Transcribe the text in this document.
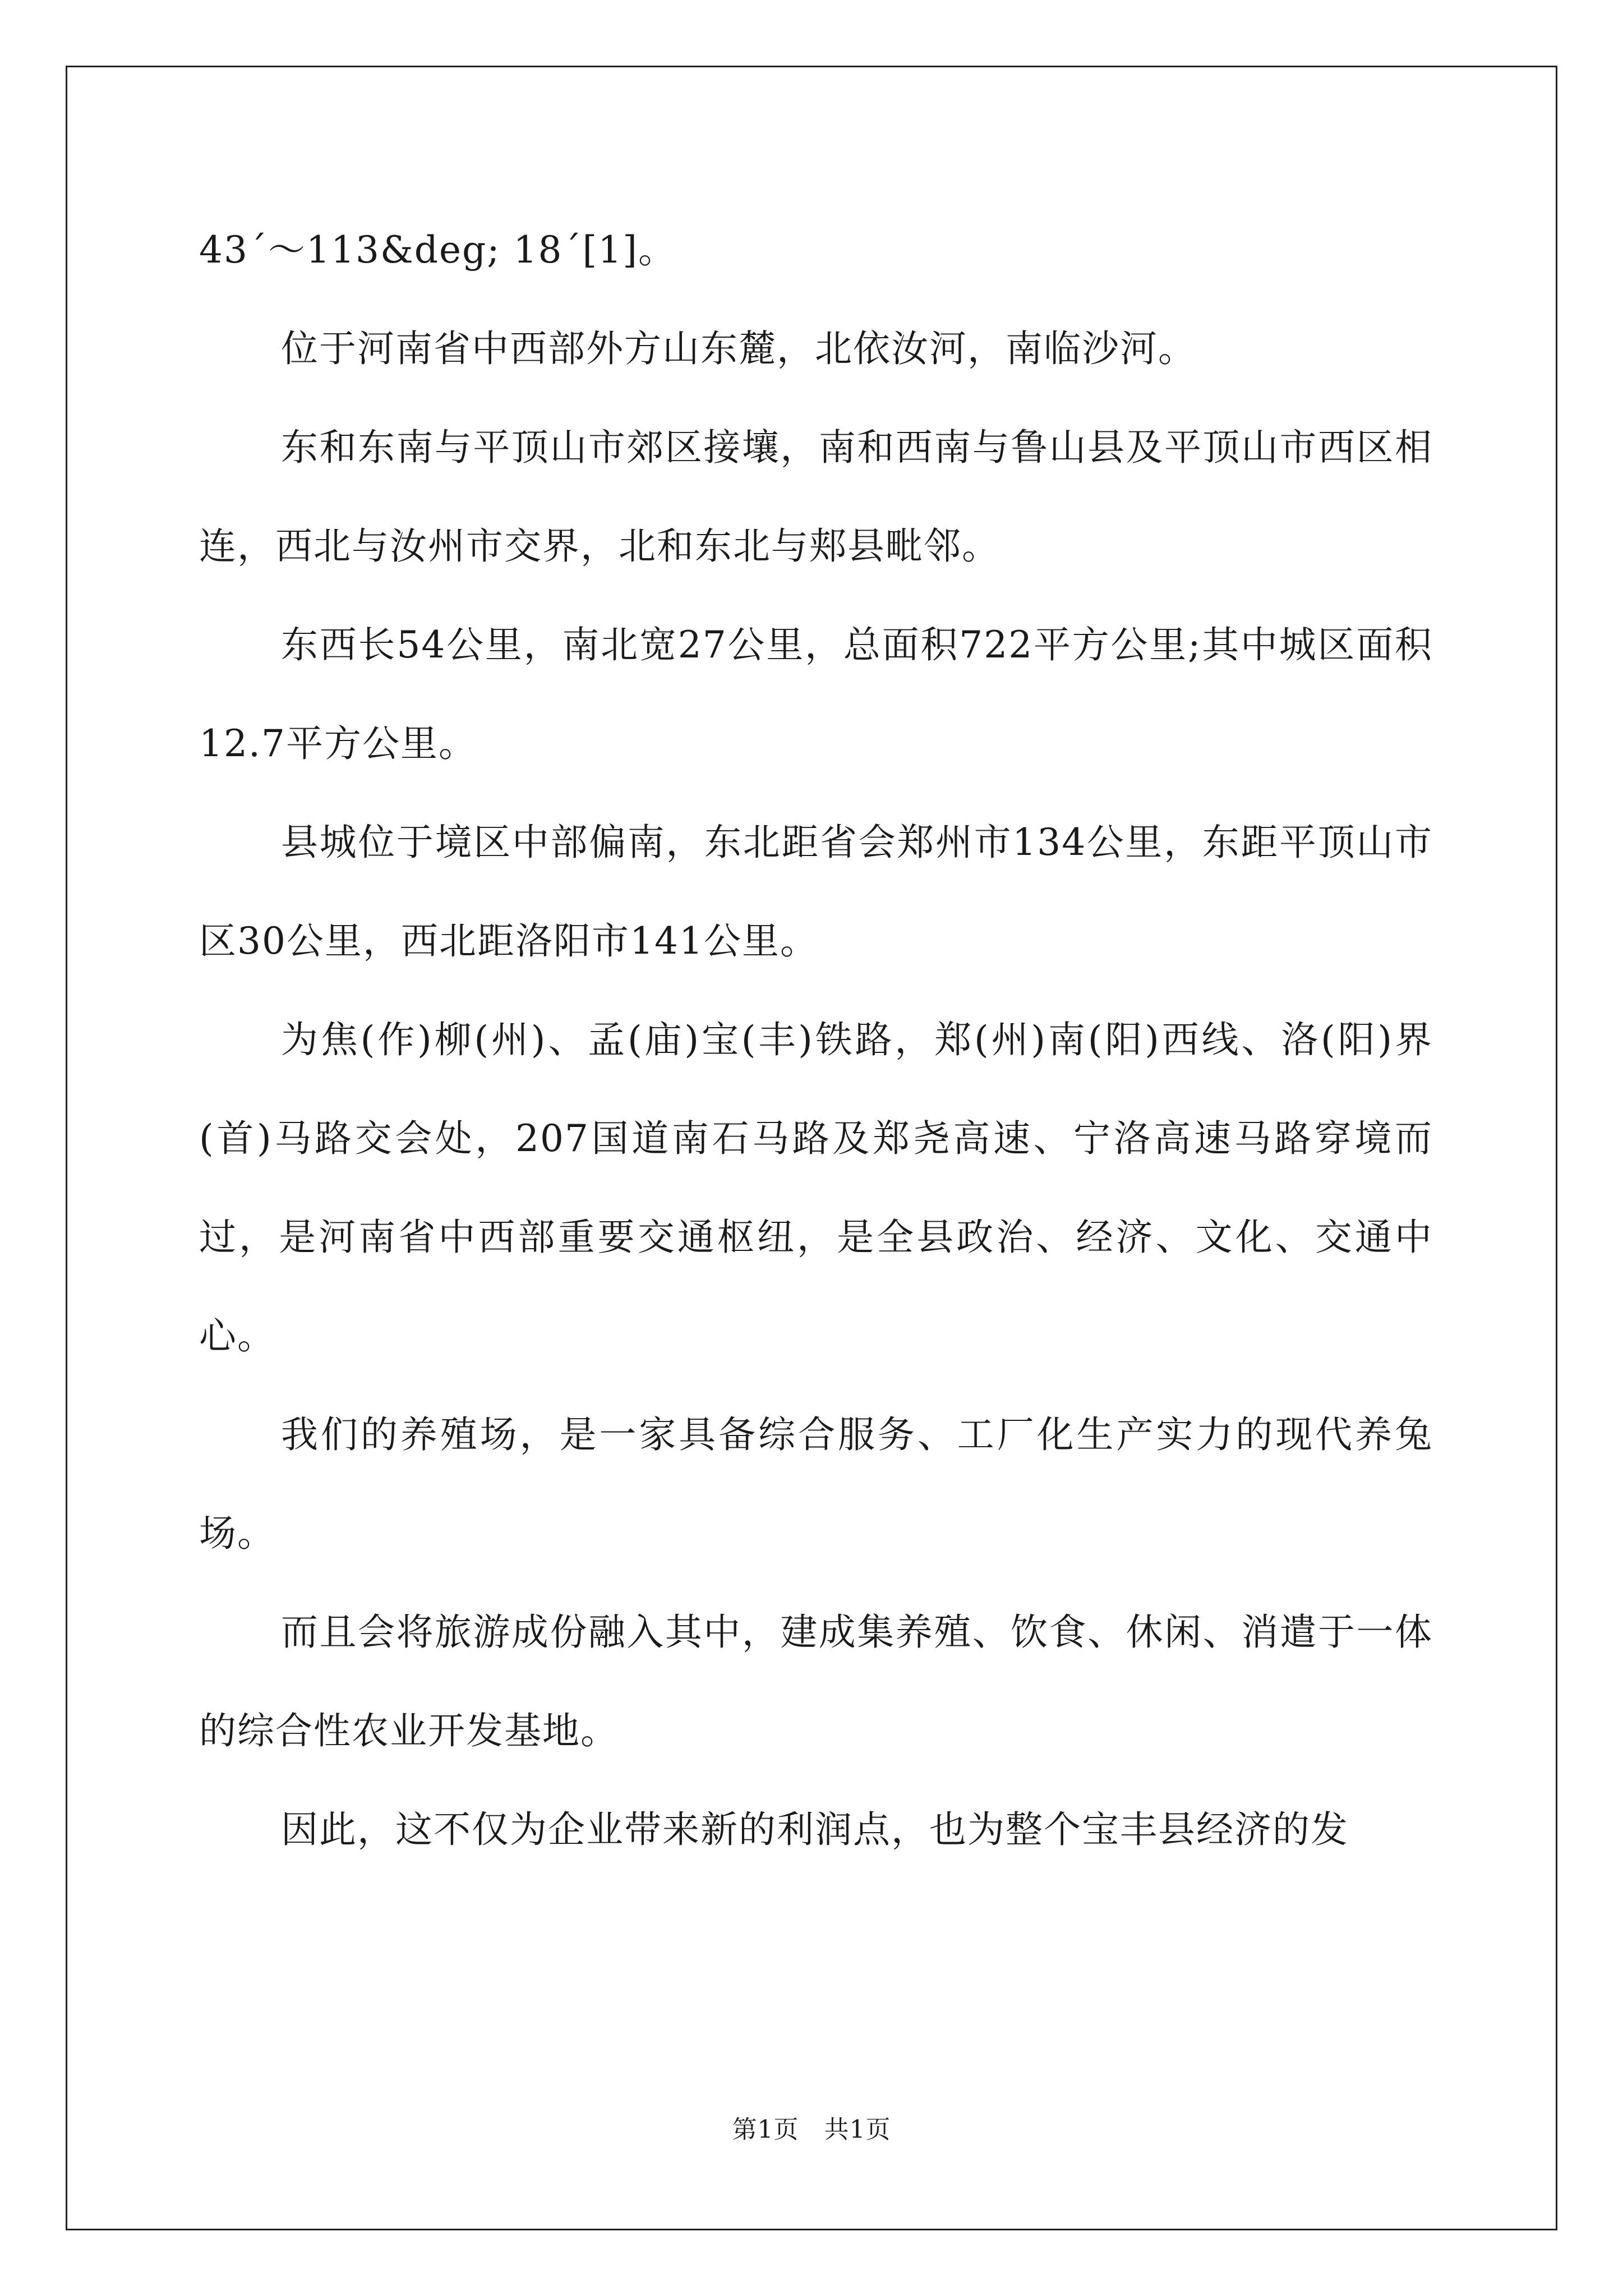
43´～113&deg; 18´[1]。

位于河南省中西部外方山东麓，北依汝河，南临沙河。

东和东南与平顶山市郊区接壤，南和西南与鲁山县及平顶山市西区相连，西北与汝州市交界，北和东北与郏县毗邻。

东西长54公里，南北宽27公里，总面积722平方公里;其中城区面积12.7平方公里。

县城位于境区中部偏南，东北距省会郑州市134公里，东距平顶山市区30公里，西北距洛阳市141公里。

为焦(作)柳(州)、孟(庙)宝(丰)铁路，郑(州)南(阳)西线、洛(阳)界(首)马路交会处，207国道南石马路及郑尧高速、宁洛高速马路穿境而过，是河南省中西部重要交通枢纽，是全县政治、经济、文化、交通中心。

我们的养殖场，是一家具备综合服务、工厂化生产实力的现代养兔场。

而且会将旅游成份融入其中，建成集养殖、饮食、休闲、消遣于一体的综合性农业开发基地。

因此，这不仅为企业带来新的利润点，也为整个宝丰县经济的发

第1页   共1页
